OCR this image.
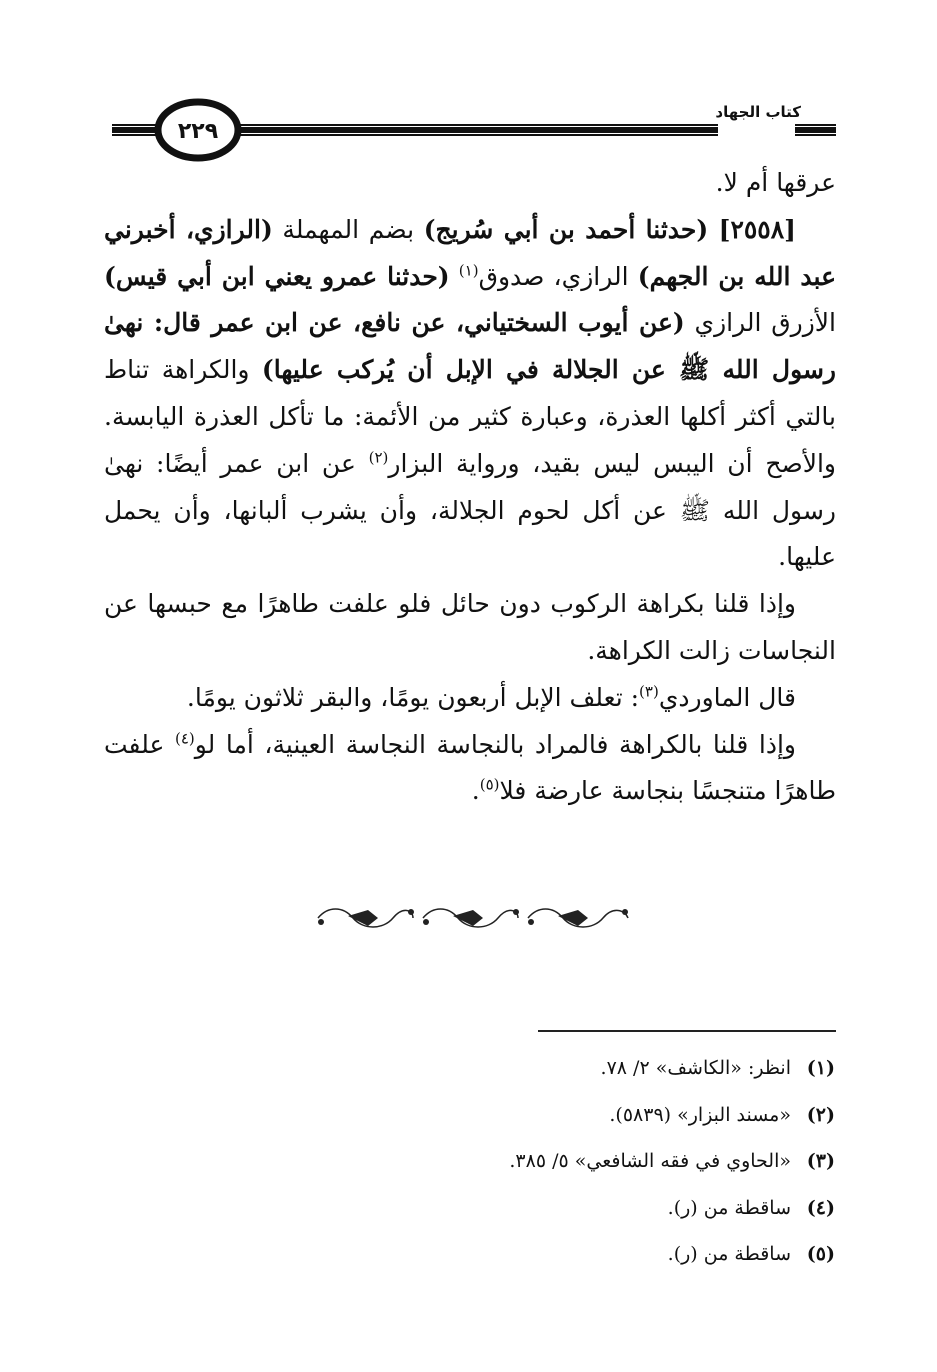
كتاب الجهاد
٢٢٩

عرقها أم لا.

[٢٥٥٨] (حدثنا أحمد بن أبي سُريج) بضم المهملة (الرازي، أخبرني عبد الله بن الجهم) الرازي، صدوق$^{(١)}$ (حدثنا عمرو يعني ابن أبي قيس) الأزرق الرازي (عن أيوب السختياني، عن نافع، عن ابن عمر قال: نهىٰ رسول الله ﷺ عن الجلالة في الإبل أن يُركب عليها) والكراهة تناط بالتي أكثر أكلها العذرة، وعبارة كثير من الأئمة: ما تأكل العذرة اليابسة. والأصح أن اليبس ليس بقيد، ورواية البزار$^{(٢)}$ عن ابن عمر أيضًا: نهىٰ رسول الله ﷺ عن أكل لحوم الجلالة، وأن يشرب ألبانها، وأن يحمل عليها.

وإذا قلنا بكراهة الركوب دون حائل فلو علفت طاهرًا مع حبسها عن النجاسات زالت الكراهة.

قال الماوردي$^{(٣)}$: تعلف الإبل أربعون يومًا، والبقر ثلاثون يومًا.

وإذا قلنا بالكراهة فالمراد بالنجاسة النجاسة العينية، أما لو$^{(٤)}$ علفت طاهرًا متنجسًا بنجاسة عارضة فلا$^{(٥)}$.

(١)انظر: «الكاشف» ٢/ ٧٨.
(٢)«مسند البزار» (٥٨٣٩).
(٣)«الحاوي في فقه الشافعي» ٥/ ٣٨٥.
(٤)ساقطة من (ر).
(٥)ساقطة من (ر).
